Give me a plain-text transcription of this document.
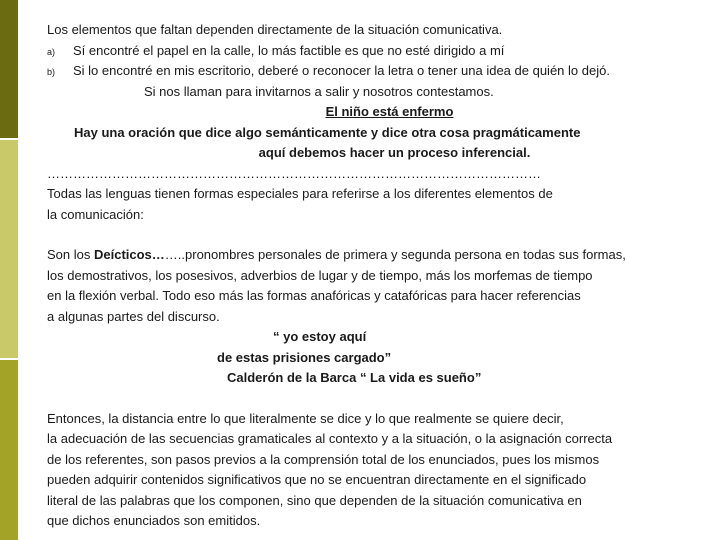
Los elementos que faltan dependen directamente de la situación comunicativa.
a) Sí encontré el papel en la calle, lo más factible es que no esté dirigido a mí
b) Si lo encontré en mis escritorio, deberé o reconocer la letra o tener una idea de quién lo dejó.
Si nos llaman para invitarnos a salir y nosotros contestamos.
El niño está enfermo
Hay una oración que dice algo semánticamente y dice otra cosa pragmáticamente
aquí debemos hacer un proceso inferencial.
……………………………………………………………………………………………………
Todas las lenguas tienen formas especiales para referirse a los diferentes elementos de
la comunicación:
Son los Deícticos……..pronombres personales de primera y segunda persona en todas sus formas,
los demostrativos, los posesivos, adverbios de lugar y de tiempo, más los morfemas de tiempo
en la flexión verbal. Todo eso más las formas anafóricas y catafóricas para hacer referencias
a algunas partes del discurso.
“ yo estoy aquí
de estas prisiones cargado”
Calderón de la Barca “ La vida es sueño”
Entonces, la distancia entre lo que literalmente se dice y lo que realmente se quiere decir,
la adecuación de las secuencias gramaticales al contexto y a la situación, o la asignación correcta
de los referentes, son pasos previos a la comprensión total de los enunciados, pues los mismos
pueden adquirir contenidos significativos que no se encuentran directamente en el significado
literal de las palabras que los componen, sino que dependen de la situación comunicativa en
que dichos enunciados son emitidos.
